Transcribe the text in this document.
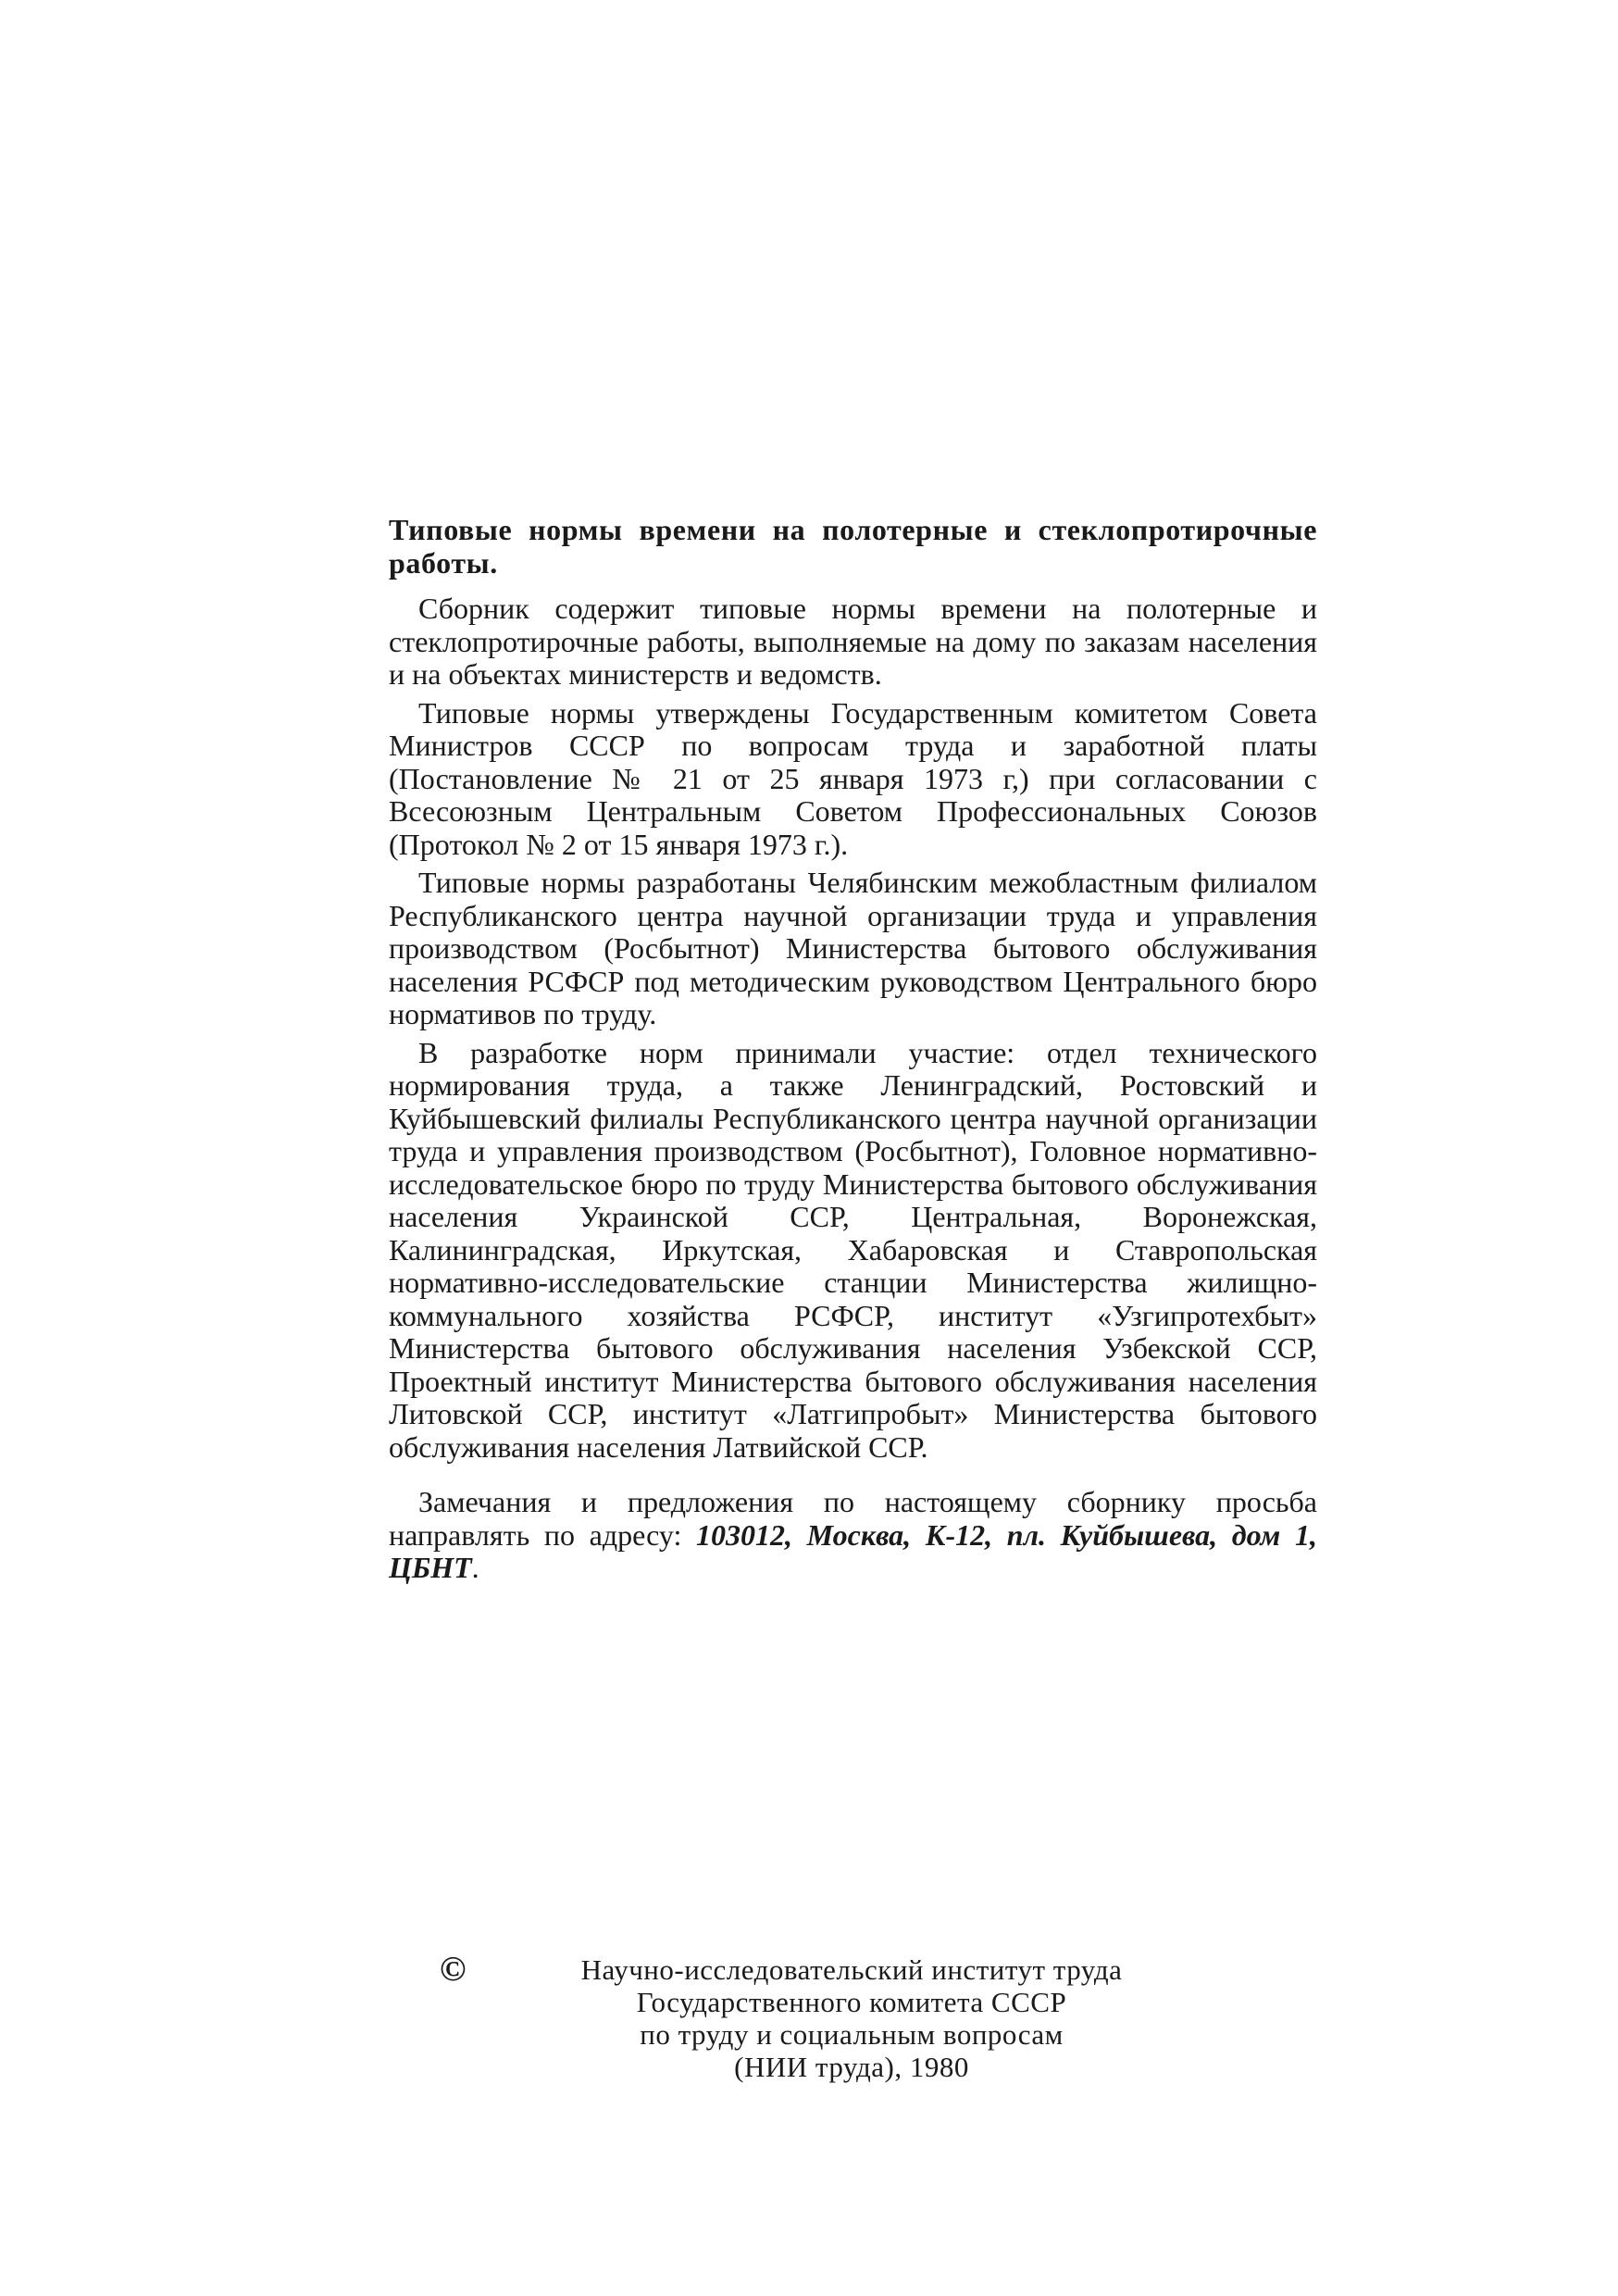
Типовые нормы времени на полотерные и стеклопротирочные работы.

Сборник содержит типовые нормы времени на полотерные и стеклопротирочные работы, выполняемые на дому по заказам населения и на объектах министерств и ведомств.

Типовые нормы утверждены Государственным комитетом Совета Министров СССР по вопросам труда и заработной платы (Постановление № 21 от 25 января 1973 г,) при согласовании с Всесоюзным Центральным Советом Профессиональных Союзов (Протокол № 2 от 15 января 1973 г.).

Типовые нормы разработаны Челябинским межобластным филиалом Республиканского центра научной организации труда и управления производством (Росбытнот) Министерства бытового обслуживания населения РСФСР под методическим руководством Центрального бюро нормативов по труду.

В разработке норм принимали участие: отдел технического нормирования труда, а также Ленинградский, Ростовский и Куйбышевский филиалы Республиканского центра научной организации труда и управления производством (Росбытнот), Головное нормативно-исследовательское бюро по труду Министерства бытового обслуживания населения Украинской ССР, Центральная, Воронежская, Калининградская, Иркутская, Хабаровская и Ставропольская нормативно-исследовательские станции Министерства жилищно-коммунального хозяйства РСФСР, институт «Узгипротехбыт» Министерства бытового обслуживания населения Узбекской ССР, Проектный институт Министерства бытового обслуживания населения Литовской ССР, институт «Латгипробыт» Министерства бытового обслуживания населения Латвийской ССР.

Замечания и предложения по настоящему сборнику просьба направлять по адресу: 103012, Москва, К-12, пл. Куйбышева, дом 1, ЦБНТ.

©	Научно-исследовательский институт труда
Государственного комитета СССР
по труду и социальным вопросам
(НИИ труда), 1980
